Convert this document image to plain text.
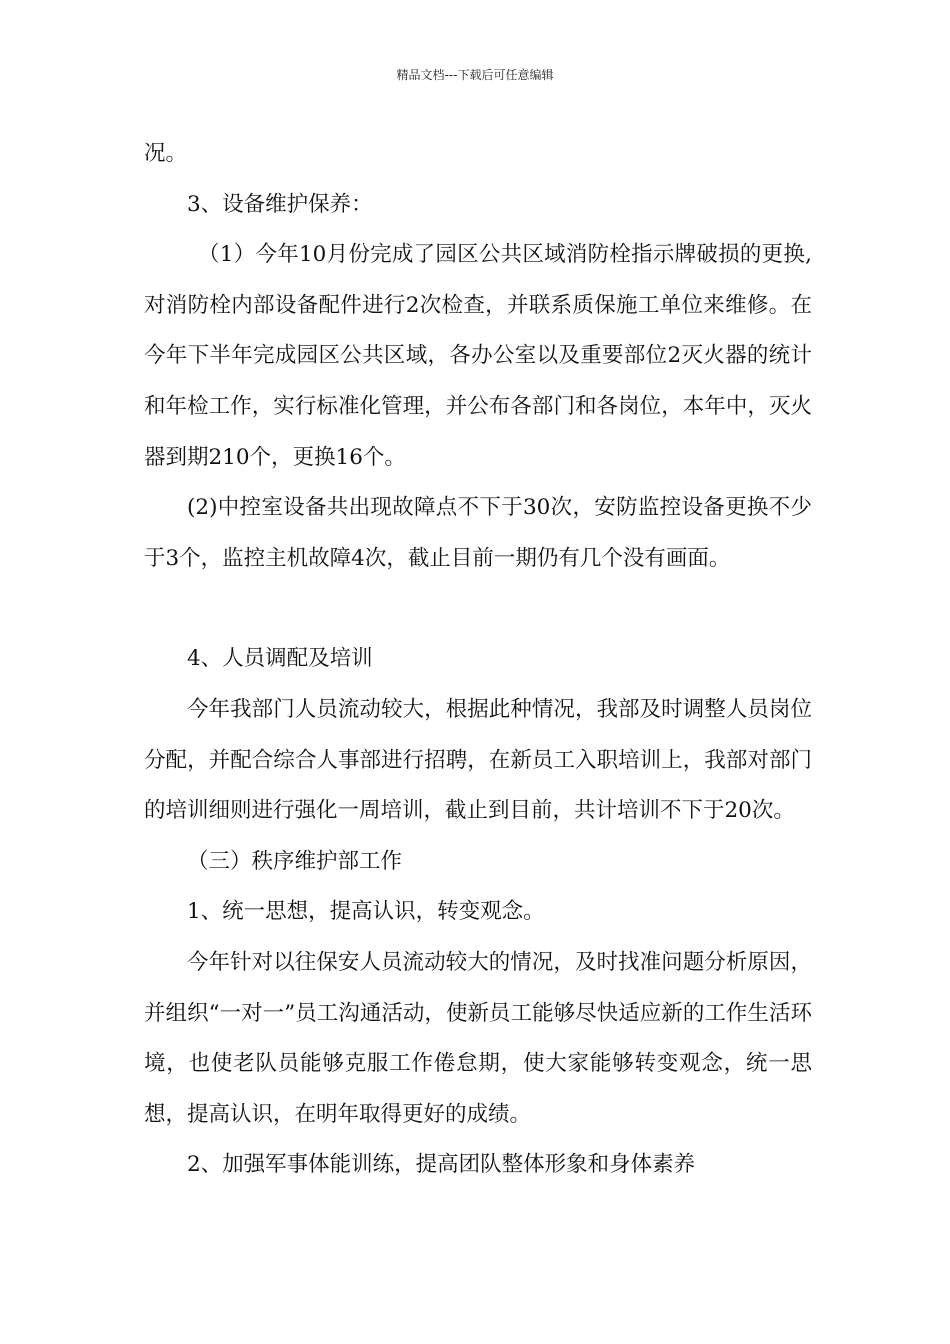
精品文档---下载后可任意编辑

况。

3、设备维护保养：

（1）今年10月份完成了园区公共区域消防栓指示牌破损的更换,对消防栓内部设备配件进行2次检查，并联系质保施工单位来维修。在今年下半年完成园区公共区域，各办公室以及重要部位2灭火器的统计和年检工作，实行标准化管理，并公布各部门和各岗位，本年中，灭火器到期210个，更换16个。

(2)中控室设备共出现故障点不下于30次，安防监控设备更换不少于3个，监控主机故障4次，截止目前一期仍有几个没有画面。

4、人员调配及培训

今年我部门人员流动较大，根据此种情况，我部及时调整人员岗位分配，并配合综合人事部进行招聘，在新员工入职培训上，我部对部门的培训细则进行强化一周培训，截止到目前，共计培训不下于20次。

（三）秩序维护部工作

1、统一思想，提高认识，转变观念。

今年针对以往保安人员流动较大的情况，及时找准问题分析原因，并组织“一对一”员工沟通活动，使新员工能够尽快适应新的工作生活环境，也使老队员能够克服工作倦怠期，使大家能够转变观念，统一思想，提高认识，在明年取得更好的成绩。

2、加强军事体能训练，提高团队整体形象和身体素养
